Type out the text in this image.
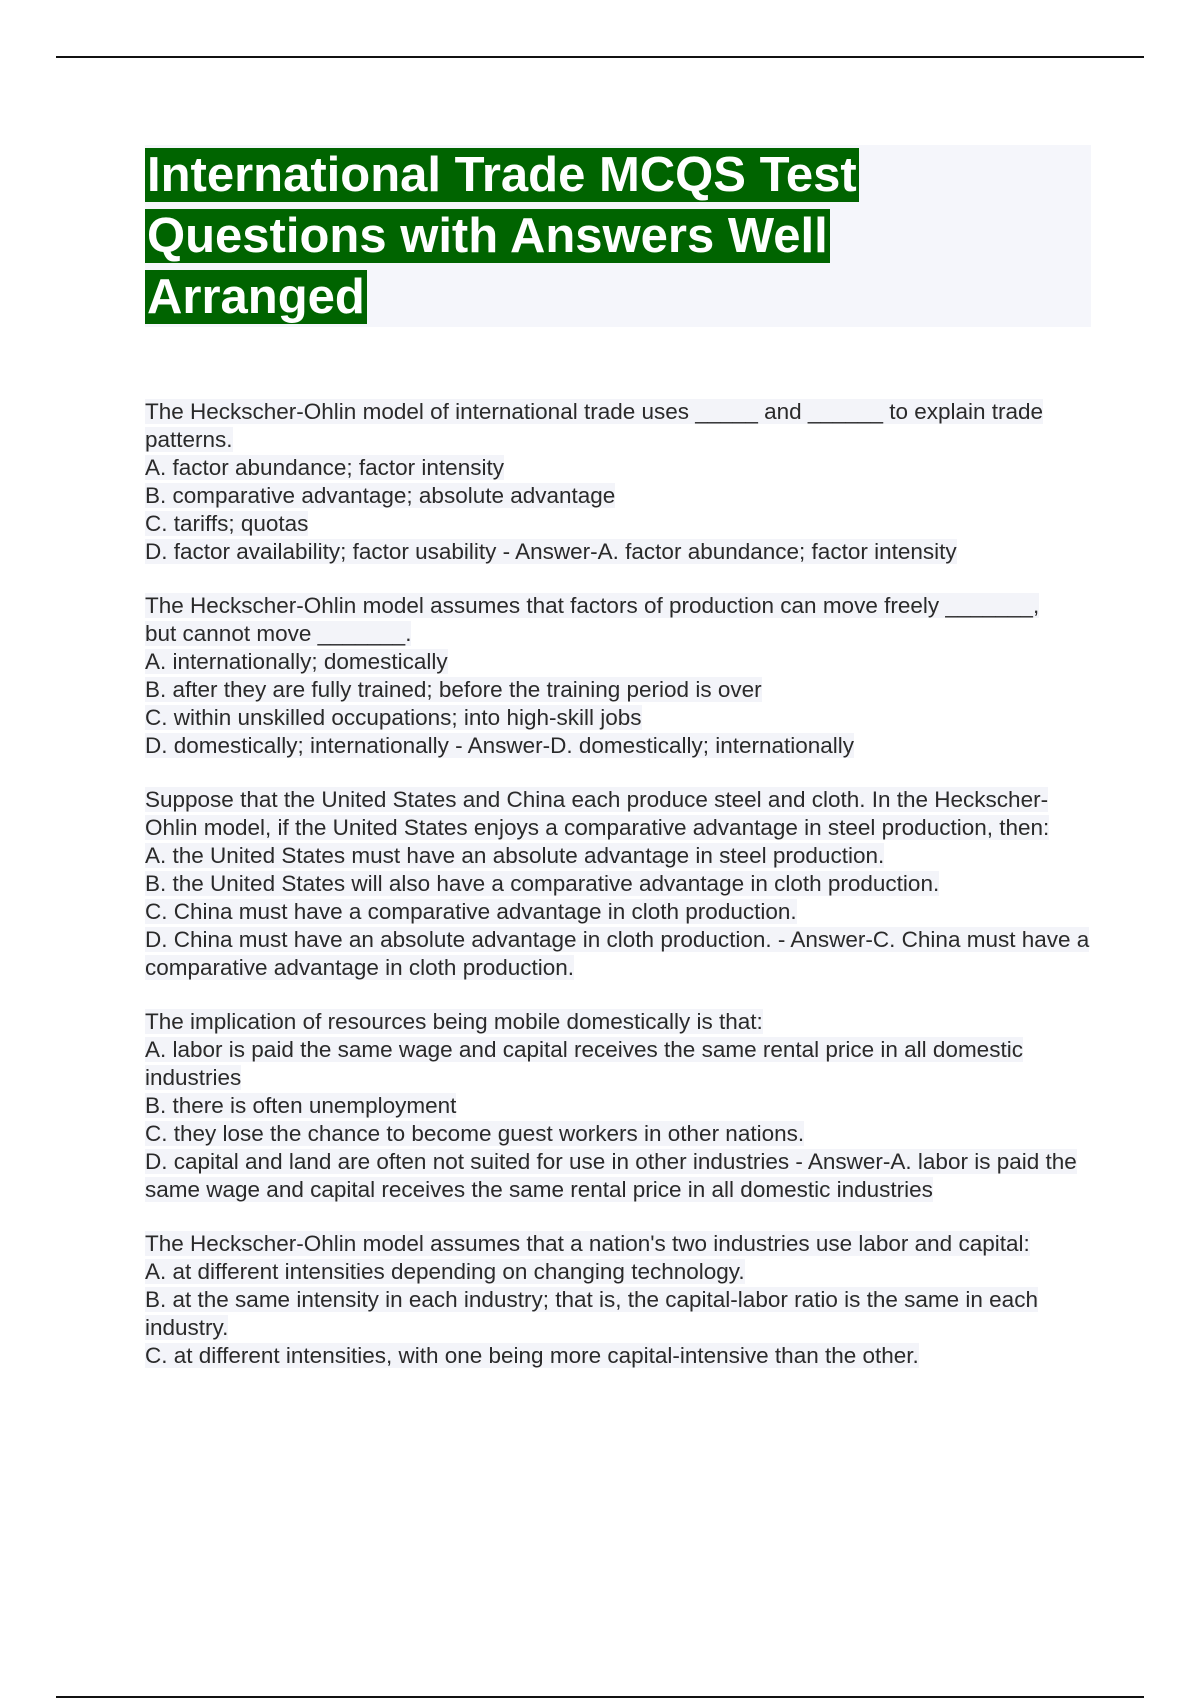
International Trade MCQS Test Questions with Answers Well Arranged

The Heckscher-Ohlin model of international trade uses _____ and ______ to explain trade patterns.

A. factor abundance; factor intensity

B. comparative advantage; absolute advantage

C. tariffs; quotas

D. factor availability; factor usability - Answer-A. factor abundance; factor intensity

The Heckscher-Ohlin model assumes that factors of production can move freely _______, but cannot move _______.

A. internationally; domestically

B. after they are fully trained; before the training period is over

C. within unskilled occupations; into high-skill jobs

D. domestically; internationally - Answer-D. domestically; internationally

Suppose that the United States and China each produce steel and cloth. In the Heckscher-Ohlin model, if the United States enjoys a comparative advantage in steel production, then:

A. the United States must have an absolute advantage in steel production.

B. the United States will also have a comparative advantage in cloth production.

C. China must have a comparative advantage in cloth production.

D. China must have an absolute advantage in cloth production. - Answer-C. China must have a comparative advantage in cloth production.

The implication of resources being mobile domestically is that:

A. labor is paid the same wage and capital receives the same rental price in all domestic industries

B. there is often unemployment

C. they lose the chance to become guest workers in other nations.

D. capital and land are often not suited for use in other industries - Answer-A. labor is paid the same wage and capital receives the same rental price in all domestic industries

The Heckscher-Ohlin model assumes that a nation's two industries use labor and capital:

A. at different intensities depending on changing technology.

B. at the same intensity in each industry; that is, the capital-labor ratio is the same in each industry.

C. at different intensities, with one being more capital-intensive than the other.
